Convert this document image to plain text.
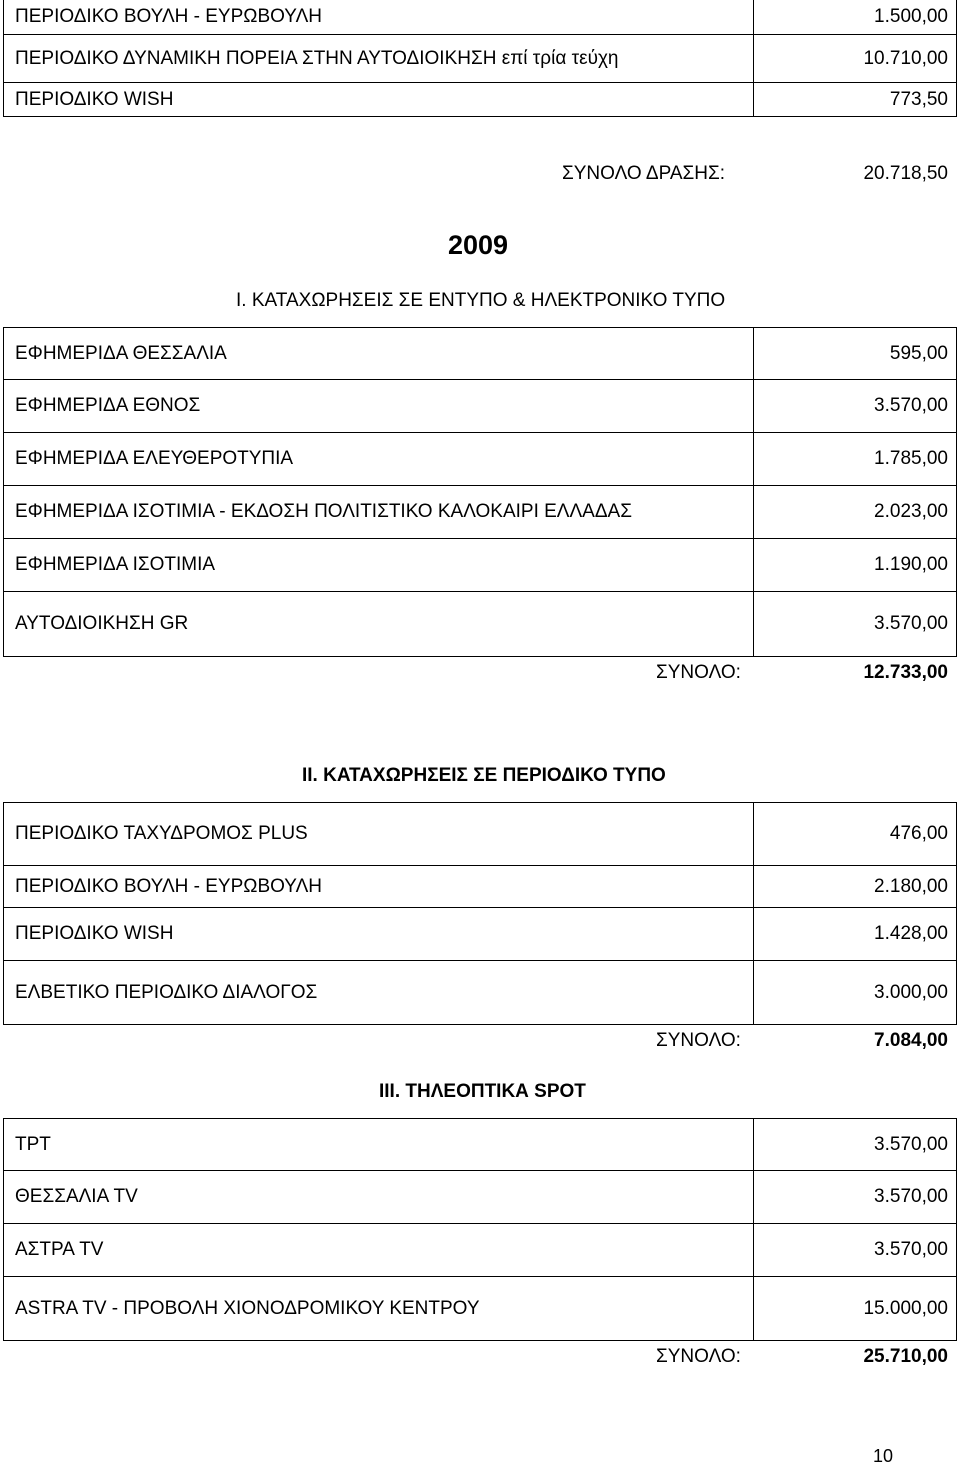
ΠΕΡΙΟΔΙΚΟ ΒΟΥΛΗ - ΕΥΡΩΒΟΥΛΗ	1.500,00
ΠΕΡΙΟΔΙΚΟ ΔΥΝΑΜΙΚΗ ΠΟΡΕΙΑ ΣΤΗΝ ΑΥΤΟΔΙΟΙΚΗΣΗ επί τρία τεύχη	10.710,00
ΠΕΡΙΟΔΙΚΟ WISH	773,50
ΣΥΝΟΛΟ ΔΡΑΣΗΣ:	20.718,50
2009
Ι. ΚΑΤΑΧΩΡΗΣΕΙΣ ΣΕ ΕΝΤΥΠΟ & ΗΛΕΚΤΡΟΝΙΚΟ ΤΥΠΟ
ΕΦΗΜΕΡΙΔΑ ΘΕΣΣΑΛΙΑ	595,00
ΕΦΗΜΕΡΙΔΑ ΕΘΝΟΣ	3.570,00
ΕΦΗΜΕΡΙΔΑ ΕΛΕΥΘΕΡΟΤΥΠΙΑ	1.785,00
ΕΦΗΜΕΡΙΔΑ ΙΣΟΤΙΜΙΑ - ΕΚΔΟΣΗ ΠΟΛΙΤΙΣΤΙΚΟ ΚΑΛΟΚΑΙΡΙ ΕΛΛΑΔΑΣ	2.023,00
ΕΦΗΜΕΡΙΔΑ ΙΣΟΤΙΜΙΑ	1.190,00
ΑΥΤΟΔΙΟΙΚΗΣΗ GR	3.570,00
ΣΥΝΟΛΟ:	12.733,00
ΙΙ. ΚΑΤΑΧΩΡΗΣΕΙΣ ΣΕ ΠΕΡΙΟΔΙΚΟ ΤΥΠΟ
ΠΕΡΙΟΔΙΚΟ ΤΑΧΥΔΡΟΜΟΣ PLUS	476,00
ΠΕΡΙΟΔΙΚΟ ΒΟΥΛΗ - ΕΥΡΩΒΟΥΛΗ	2.180,00
ΠΕΡΙΟΔΙΚΟ WISH	1.428,00
ΕΛΒΕΤΙΚΟ ΠΕΡΙΟΔΙΚΟ ΔΙΑΛΟΓΟΣ	3.000,00
ΣΥΝΟΛΟ:	7.084,00
ΙΙΙ. ΤΗΛΕΟΠΤΙΚΑ SPOT
ΤΡΤ	3.570,00
ΘΕΣΣΑΛΙΑ TV	3.570,00
ΑΣΤΡΑ TV	3.570,00
ASTRA TV - ΠΡΟΒΟΛΗ ΧΙΟΝΟΔΡΟΜΙΚΟΥ ΚΕΝΤΡΟΥ	15.000,00
ΣΥΝΟΛΟ:	25.710,00
10
